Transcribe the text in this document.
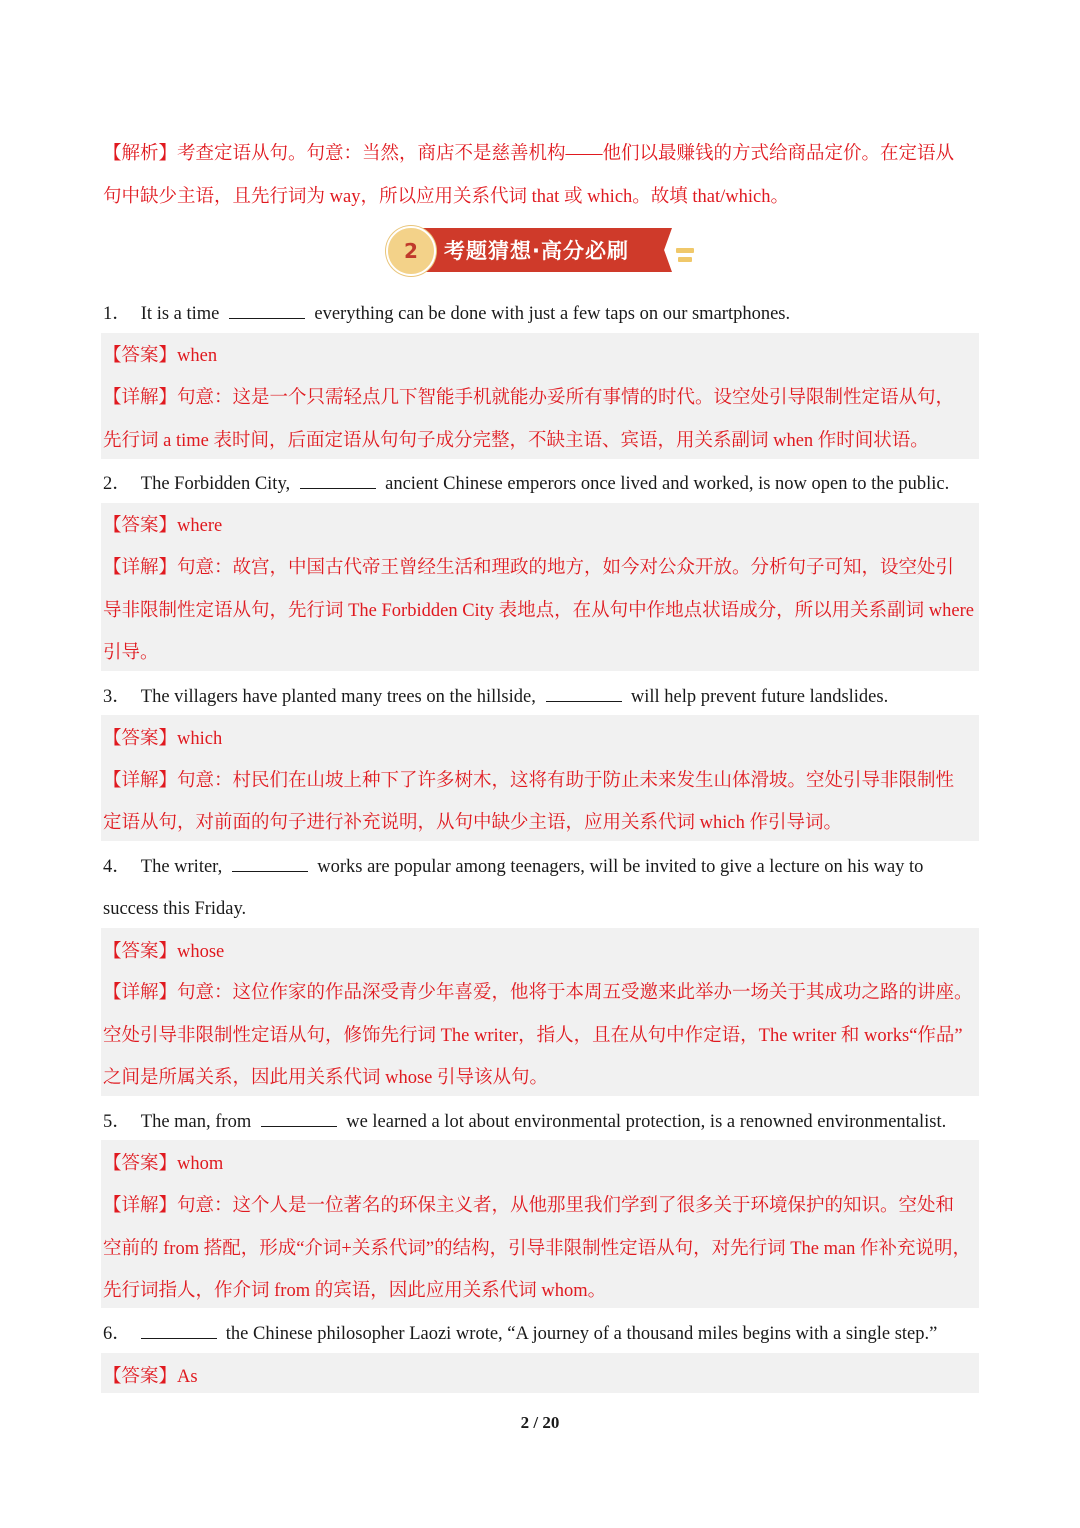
【解析】考查定语从句。句意：当然，商店不是慈善机构——他们以最赚钱的方式给商品定价。在定语从
句中缺少主语，且先行词为 way，所以应用关系代词 that 或 which。故填 that/which。
考题猜想·高分必刷
2
1． It is a time	everything can be done with just a few taps on our smartphones.
【答案】when
【详解】句意：这是一个只需轻点几下智能手机就能办妥所有事情的时代。设空处引导限制性定语从句，
先行词 a time 表时间，后面定语从句句子成分完整，不缺主语、宾语，用关系副词 when 作时间状语。
2． The Forbidden City,	ancient Chinese emperors once lived and worked, is now open to the public.
【答案】where
【详解】句意：故宫，中国古代帝王曾经生活和理政的地方，如今对公众开放。分析句子可知，设空处引
导非限制性定语从句，先行词 The Forbidden City 表地点，在从句中作地点状语成分，所以用关系副词 where
引导。
3． The villagers have planted many trees on the hillside,	will help prevent future landslides.
【答案】which
【详解】句意：村民们在山坡上种下了许多树木，这将有助于防止未来发生山体滑坡。空处引导非限制性
定语从句，对前面的句子进行补充说明，从句中缺少主语，应用关系代词 which 作引导词。
4． The writer,	works are popular among teenagers, will be invited to give a lecture on his way to
success this Friday.
【答案】whose
【详解】句意：这位作家的作品深受青少年喜爱，他将于本周五受邀来此举办一场关于其成功之路的讲座。
空处引导非限制性定语从句，修饰先行词 The writer，指人，且在从句中作定语，The writer 和 works“作品”
之间是所属关系，因此用关系代词 whose 引导该从句。
5． The man, from	we learned a lot about environmental protection, is a renowned environmentalist.
【答案】whom
【详解】句意：这个人是一位著名的环保主义者，从他那里我们学到了很多关于环境保护的知识。空处和
空前的 from 搭配，形成“介词+关系代词”的结构，引导非限制性定语从句，对先行词 The man 作补充说明，
先行词指人，作介词 from 的宾语，因此应用关系代词 whom。
6．	the Chinese philosopher Laozi wrote, “A journey of a thousand miles begins with a single step.”
【答案】As
2 / 20
